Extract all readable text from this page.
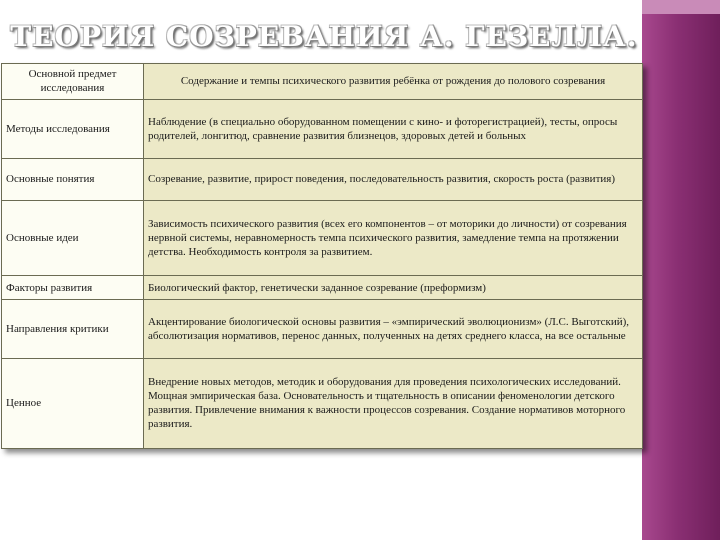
ТЕОРИЯ СОЗРЕВАНИЯ А. ГЕЗЕЛЛА.
Основной предмет исследования	Содержание и темпы психического развития ребёнка от рождения до полового созревания
Методы исследования	Наблюдение (в специально оборудованном помещении с кино- и фоторегистрацией), тесты, опросы родителей, лонгитюд, сравнение развития близнецов, здоровых детей и больных
Основные понятия	Созревание, развитие, прирост поведения, последовательность развития, скорость роста (развития)
Основные идеи	Зависимость психического развития (всех его компонентов – от моторики до личности) от созревания нервной системы, неравномерность темпа психического развития, замедление темпа на протяжении детства. Необходимость контроля за развитием.
Факторы развития	Биологический фактор, генетически заданное созревание (преформизм)
Направления критики	Акцентирование биологической основы развития – «эмпирический эволюционизм» (Л.С. Выготский), абсолютизация нормативов, перенос данных, полученных на детях среднего класса, на все остальные
Ценное	Внедрение новых методов, методик и оборудования для проведения психологических исследований. Мощная эмпирическая база. Основательность и тщательность в описании феноменологии детского развития. Привлечение внимания к важности процессов созревания. Создание нормативов моторного развития.
